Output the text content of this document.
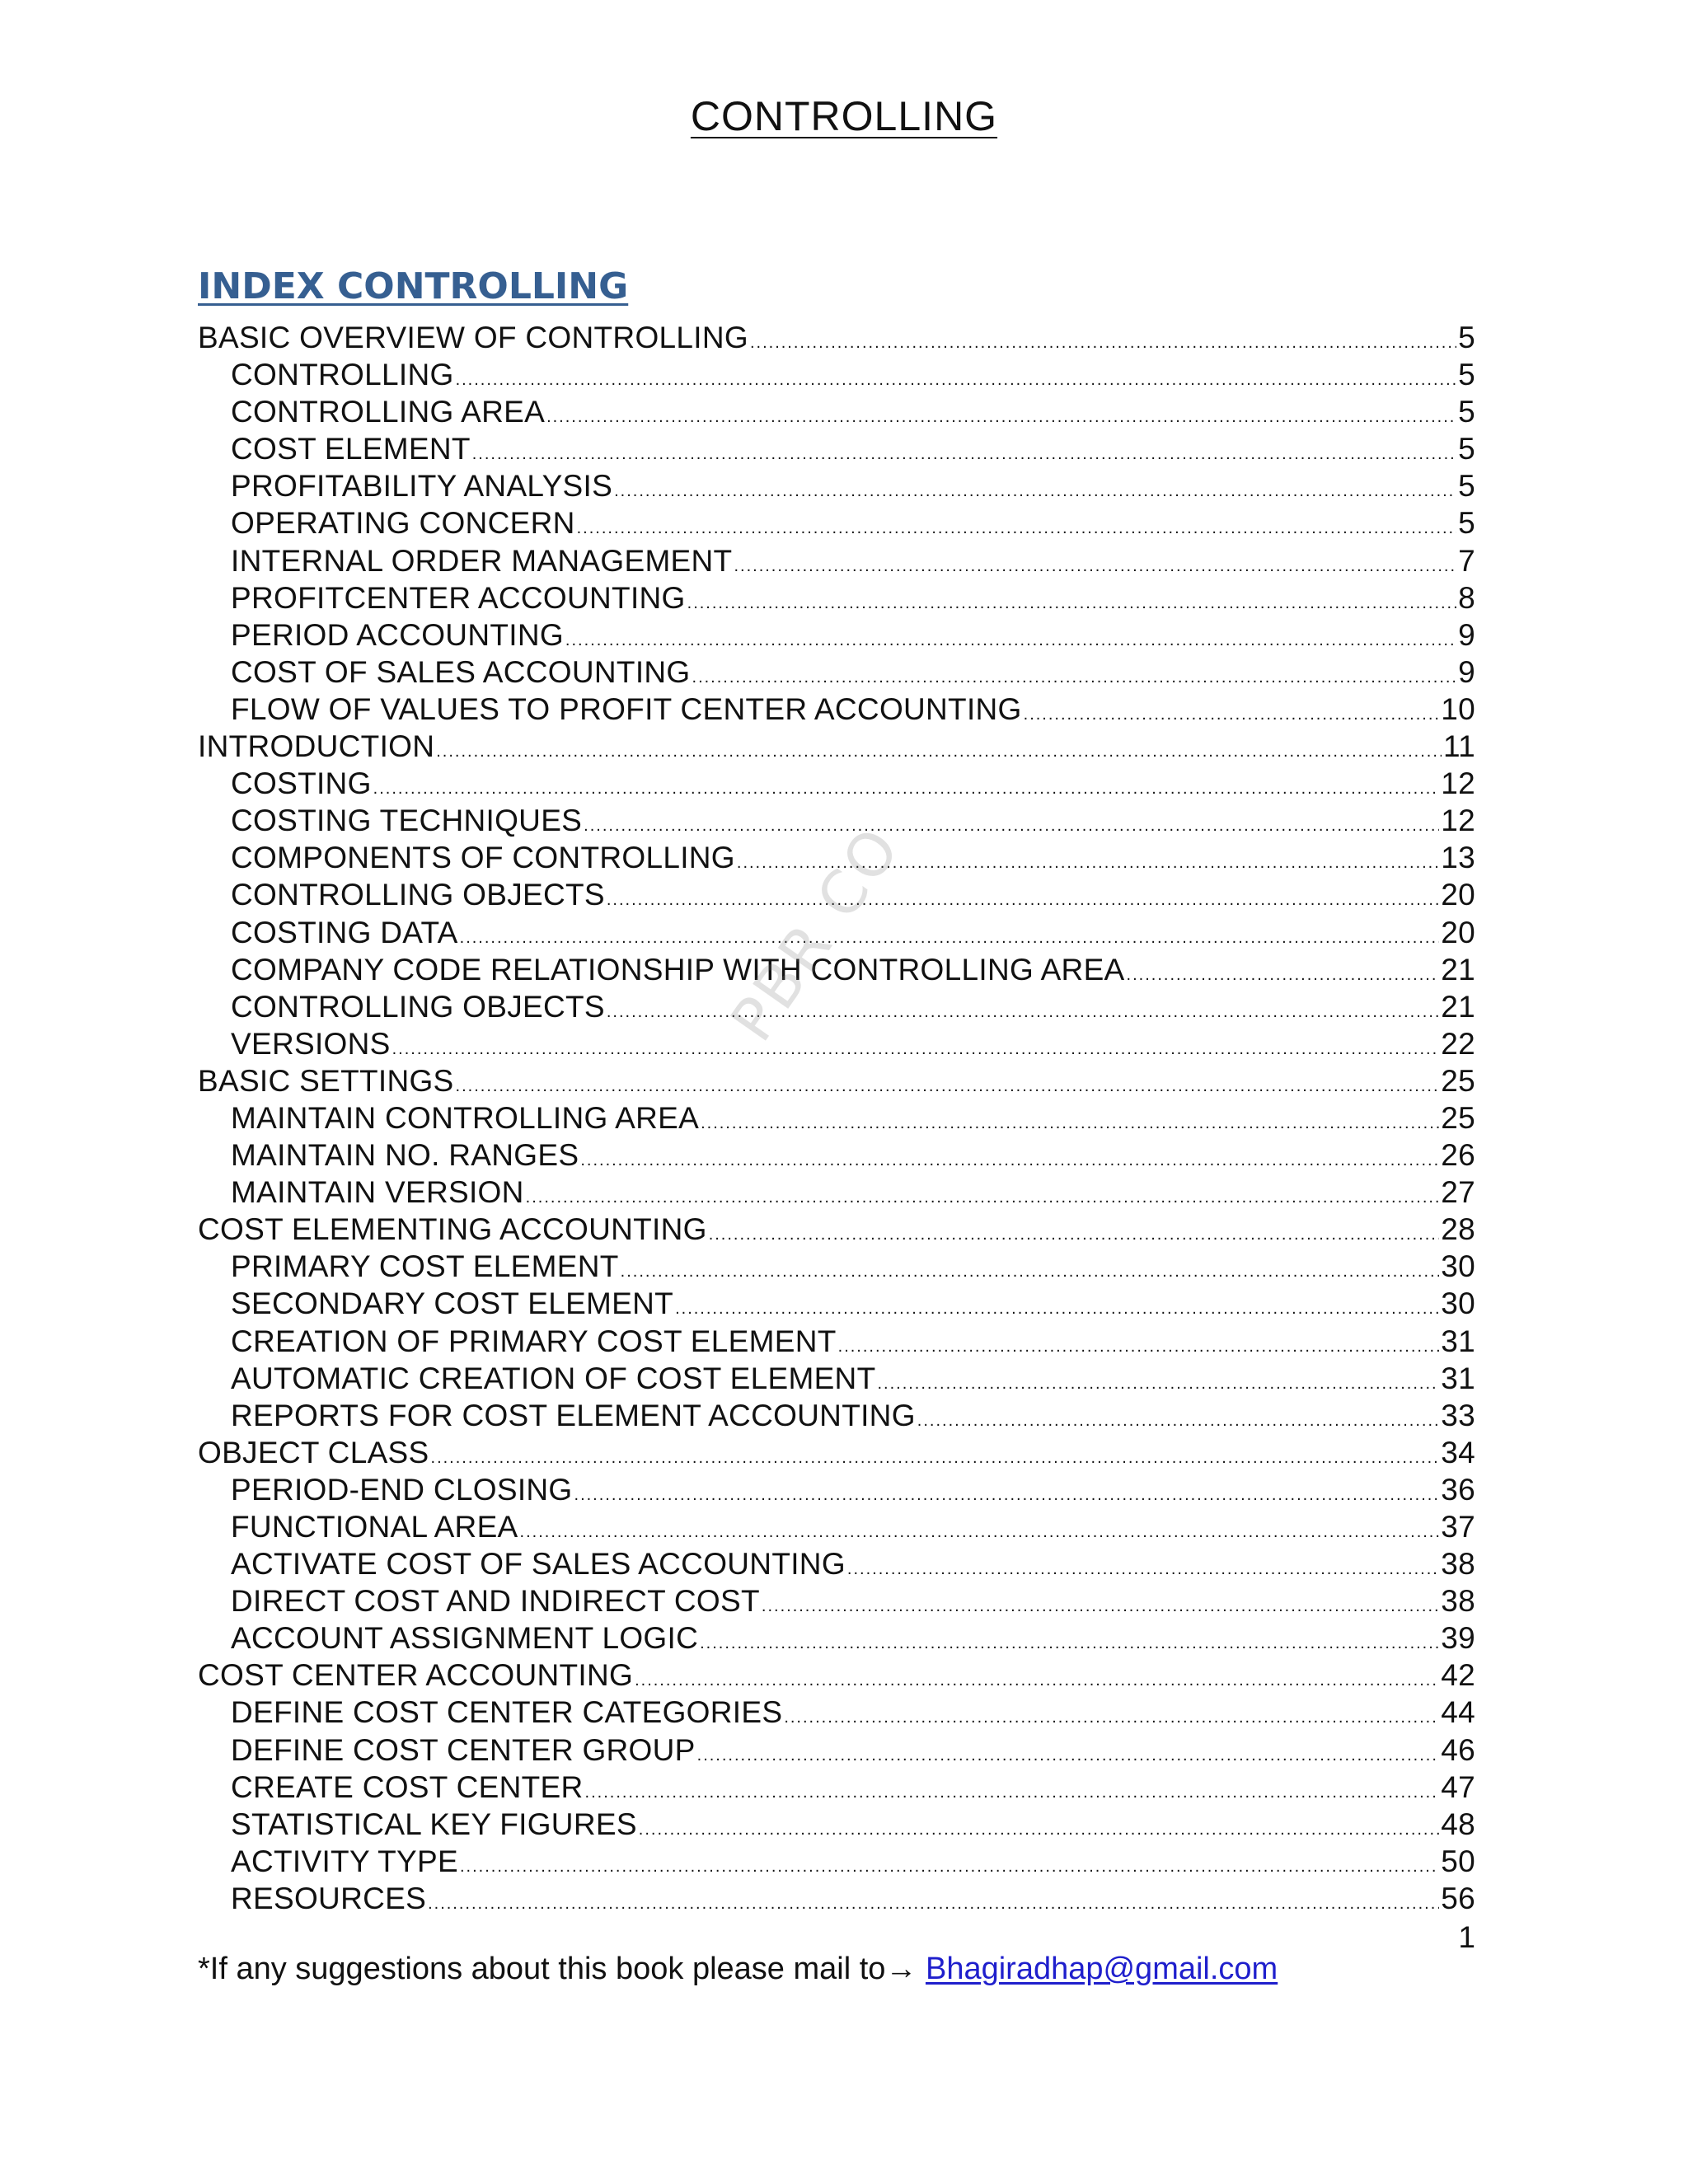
CONTROLLING
INDEX CONTROLLING
BASIC OVERVIEW OF CONTROLLING .....	5
CONTROLLING .....	5
CONTROLLING AREA .....	5
COST ELEMENT .....	5
PROFITABILITY ANALYSIS .....	5
OPERATING CONCERN .....	5
INTERNAL ORDER MANAGEMENT .....	7
PROFITCENTER ACCOUNTING .....	8
PERIOD ACCOUNTING .....	9
COST OF SALES ACCOUNTING .....	9
FLOW OF VALUES TO PROFIT CENTER ACCOUNTING .....	10
INTRODUCTION .....	11
COSTING .....	12
COSTING TECHNIQUES .....	12
COMPONENTS OF CONTROLLING .....	13
CONTROLLING OBJECTS .....	20
COSTING DATA .....	20
COMPANY CODE RELATIONSHIP WITH CONTROLLING AREA .....	21
CONTROLLING OBJECTS .....	21
VERSIONS .....	22
BASIC SETTINGS .....	25
MAINTAIN CONTROLLING AREA .....	25
MAINTAIN NO. RANGES .....	26
MAINTAIN VERSION .....	27
COST ELEMENTING ACCOUNTING .....	28
PRIMARY COST ELEMENT .....	30
SECONDARY COST ELEMENT .....	30
CREATION OF PRIMARY COST ELEMENT .....	31
AUTOMATIC CREATION OF COST ELEMENT .....	31
REPORTS FOR COST ELEMENT ACCOUNTING .....	33
OBJECT CLASS .....	34
PERIOD-END CLOSING .....	36
FUNCTIONAL AREA .....	37
ACTIVATE COST OF SALES ACCOUNTING .....	38
DIRECT COST AND INDIRECT COST .....	38
ACCOUNT ASSIGNMENT LOGIC .....	39
COST CENTER ACCOUNTING .....	42
DEFINE COST CENTER CATEGORIES .....	44
DEFINE COST CENTER GROUP .....	46
CREATE COST CENTER .....	47
STATISTICAL KEY FIGURES .....	48
ACTIVITY TYPE .....	50
RESOURCES .....	56
PBR CO
1
*If any suggestions about this book please mail to→ Bhagiradhap@gmail.com
